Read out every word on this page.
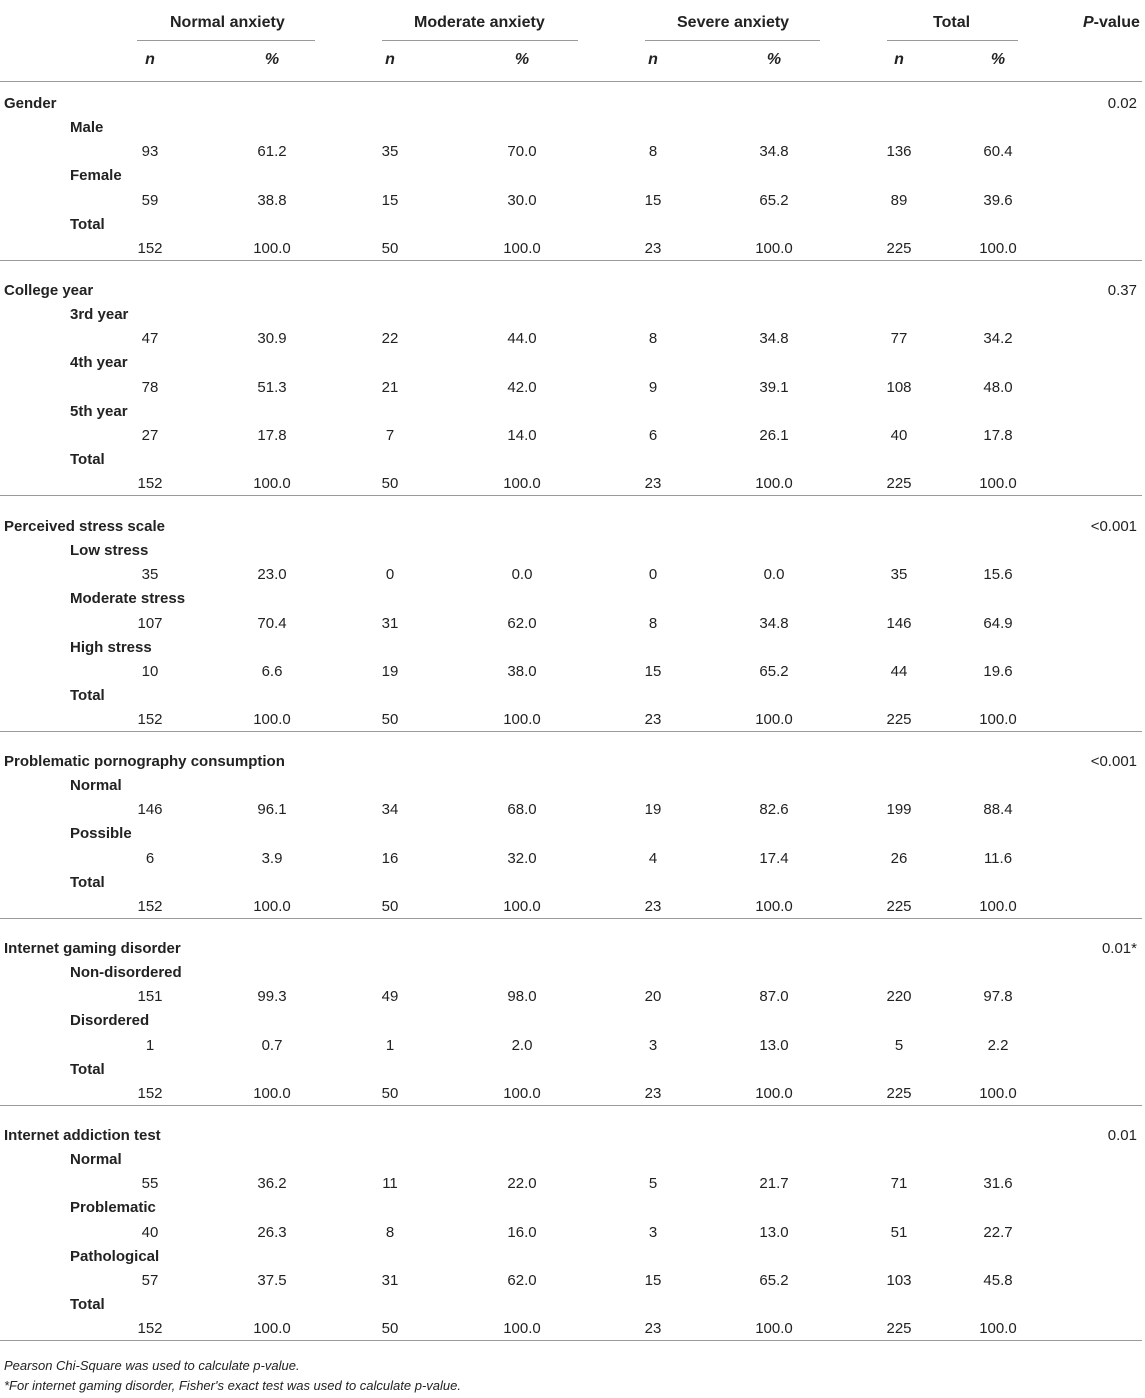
Normal anxiety	Moderate anxiety	Severe anxiety	Total	P-value
n	%	n	%	n	%	n	%
Gender	0.02
Male
93	61.2	35	70.0	8	34.8	136	60.4
Female
59	38.8	15	30.0	15	65.2	89	39.6
Total
152	100.0	50	100.0	23	100.0	225	100.0
College year	0.37
3rd year
47	30.9	22	44.0	8	34.8	77	34.2
4th year
78	51.3	21	42.0	9	39.1	108	48.0
5th year
27	17.8	7	14.0	6	26.1	40	17.8
Total
152	100.0	50	100.0	23	100.0	225	100.0
Perceived stress scale	<0.001
Low stress
35	23.0	0	0.0	0	0.0	35	15.6
Moderate stress
107	70.4	31	62.0	8	34.8	146	64.9
High stress
10	6.6	19	38.0	15	65.2	44	19.6
Total
152	100.0	50	100.0	23	100.0	225	100.0
Problematic pornography consumption	<0.001
Normal
146	96.1	34	68.0	19	82.6	199	88.4
Possible
6	3.9	16	32.0	4	17.4	26	11.6
Total
152	100.0	50	100.0	23	100.0	225	100.0
Internet gaming disorder	0.01*
Non-disordered
151	99.3	49	98.0	20	87.0	220	97.8
Disordered
1	0.7	1	2.0	3	13.0	5	2.2
Total
152	100.0	50	100.0	23	100.0	225	100.0
Internet addiction test	0.01
Normal
55	36.2	11	22.0	5	21.7	71	31.6
Problematic
40	26.3	8	16.0	3	13.0	51	22.7
Pathological
57	37.5	31	62.0	15	65.2	103	45.8
Total
152	100.0	50	100.0	23	100.0	225	100.0
Pearson Chi-Square was used to calculate p-value.
*For internet gaming disorder, Fisher's exact test was used to calculate p-value.
